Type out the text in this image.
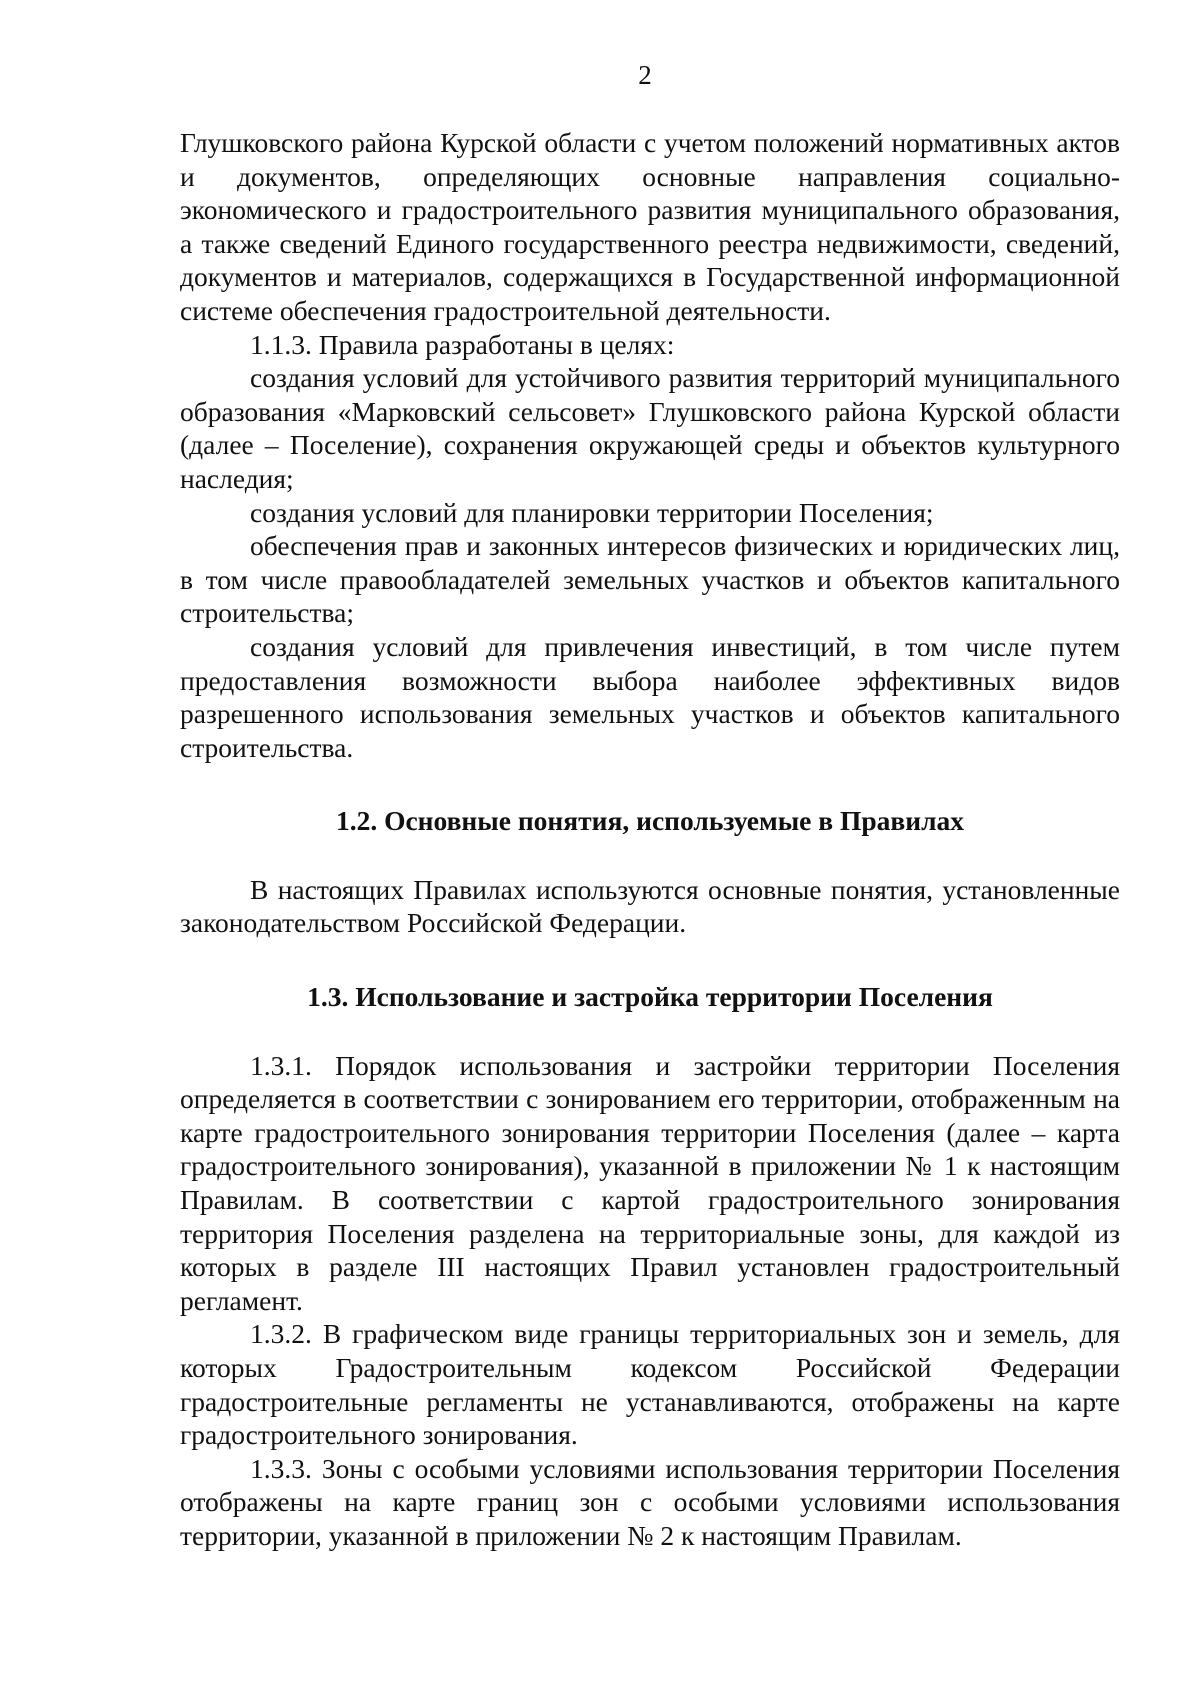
2

Глушковского района Курской области с учетом положений нормативных актов и документов, определяющих основные направления социально-экономического и градостроительного развития муниципального образования, а также сведений Единого государственного реестра недвижимости, сведений, документов и материалов, содержащихся в Государственной информационной системе обеспечения градостроительной деятельности.

1.1.3. Правила разработаны в целях:

создания условий для устойчивого развития территорий муниципального образования «Марковский сельсовет» Глушковского района Курской области (далее – Поселение), сохранения окружающей среды и объектов культурного наследия;

создания условий для планировки территории Поселения;

обеспечения прав и законных интересов физических и юридических лиц, в том числе правообладателей земельных участков и объектов капитального строительства;

создания условий для привлечения инвестиций, в том числе путем предоставления возможности выбора наиболее эффективных видов разрешенного использования земельных участков и объектов капитального строительства.

1.2. Основные понятия, используемые в Правилах

В настоящих Правилах используются основные понятия, установленные законодательством Российской Федерации.

1.3. Использование и застройка территории Поселения

1.3.1. Порядок использования и застройки территории Поселения определяется в соответствии с зонированием его территории, отображенным на карте градостроительного зонирования территории Поселения (далее – карта градостроительного зонирования), указанной в приложении № 1 к настоящим Правилам. В соответствии с картой градостроительного зонирования территория Поселения разделена на территориальные зоны, для каждой из которых в разделе III настоящих Правил установлен градостроительный регламент.

1.3.2. В графическом виде границы территориальных зон и земель, для которых Градостроительным кодексом Российской Федерации градостроительные регламенты не устанавливаются, отображены на карте градостроительного зонирования.

1.3.3. Зоны с особыми условиями использования территории Поселения отображены на карте границ зон с особыми условиями использования территории, указанной в приложении № 2 к настоящим Правилам.
